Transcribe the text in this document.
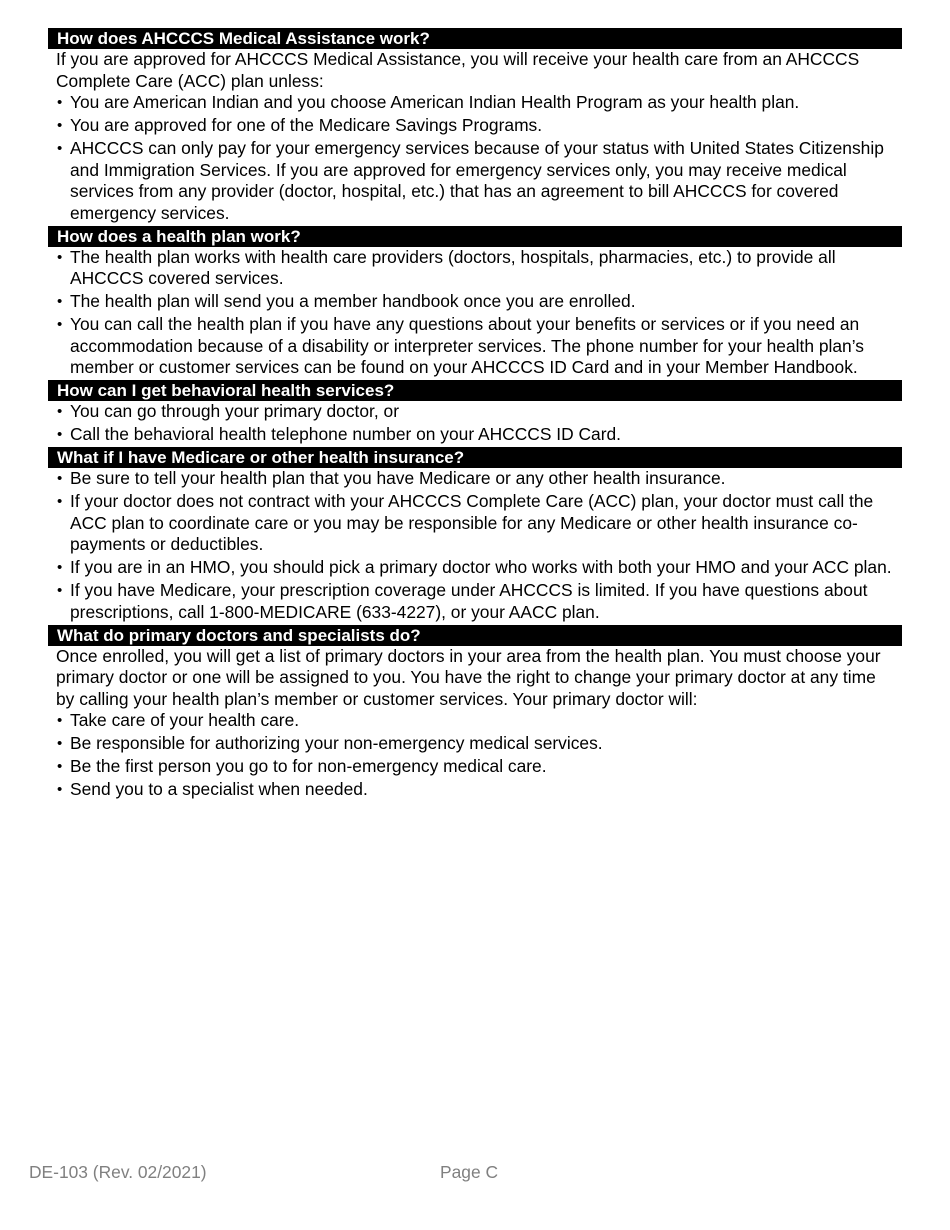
How does AHCCCS Medical Assistance work?
If you are approved for AHCCCS Medical Assistance, you will receive your health care from an AHCCCS Complete Care (ACC) plan unless:
• You are American Indian and you choose American Indian Health Program as your health plan.
• You are approved for one of the Medicare Savings Programs.
• AHCCCS can only pay for your emergency services because of your status with United States Citizenship and Immigration Services. If you are approved for emergency services only, you may receive medical services from any provider (doctor, hospital, etc.) that has an agreement to bill AHCCCS for covered emergency services.
How does a health plan work?
• The health plan works with health care providers (doctors, hospitals, pharmacies, etc.) to provide all AHCCCS covered services.
• The health plan will send you a member handbook once you are enrolled.
• You can call the health plan if you have any questions about your benefits or services or if you need an accommodation because of a disability or interpreter services. The phone number for your health plan’s member or customer services can be found on your AHCCCS ID Card and in your Member Handbook.
How can I get behavioral health services?
• You can go through your primary doctor, or
• Call the behavioral health telephone number on your AHCCCS ID Card.
What if I have Medicare or other health insurance?
• Be sure to tell your health plan that you have Medicare or any other health insurance.
• If your doctor does not contract with your AHCCCS Complete Care (ACC) plan, your doctor must call the ACC plan to coordinate care or you may be responsible for any Medicare or other health insurance co-payments or deductibles.
• If you are in an HMO, you should pick a primary doctor who works with both your HMO and your ACC plan.
• If you have Medicare, your prescription coverage under AHCCCS is limited. If you have questions about prescriptions, call 1-800-MEDICARE (633-4227), or your AACC plan.
What do primary doctors and specialists do?
Once enrolled, you will get a list of primary doctors in your area from the health plan. You must choose your primary doctor or one will be assigned to you. You have the right to change your primary doctor at any time by calling your health plan’s member or customer services. Your primary doctor will:
• Take care of your health care.
• Be responsible for authorizing your non-emergency medical services.
• Be the first person you go to for non-emergency medical care.
• Send you to a specialist when needed.
DE-103 (Rev. 02/2021)	Page C
